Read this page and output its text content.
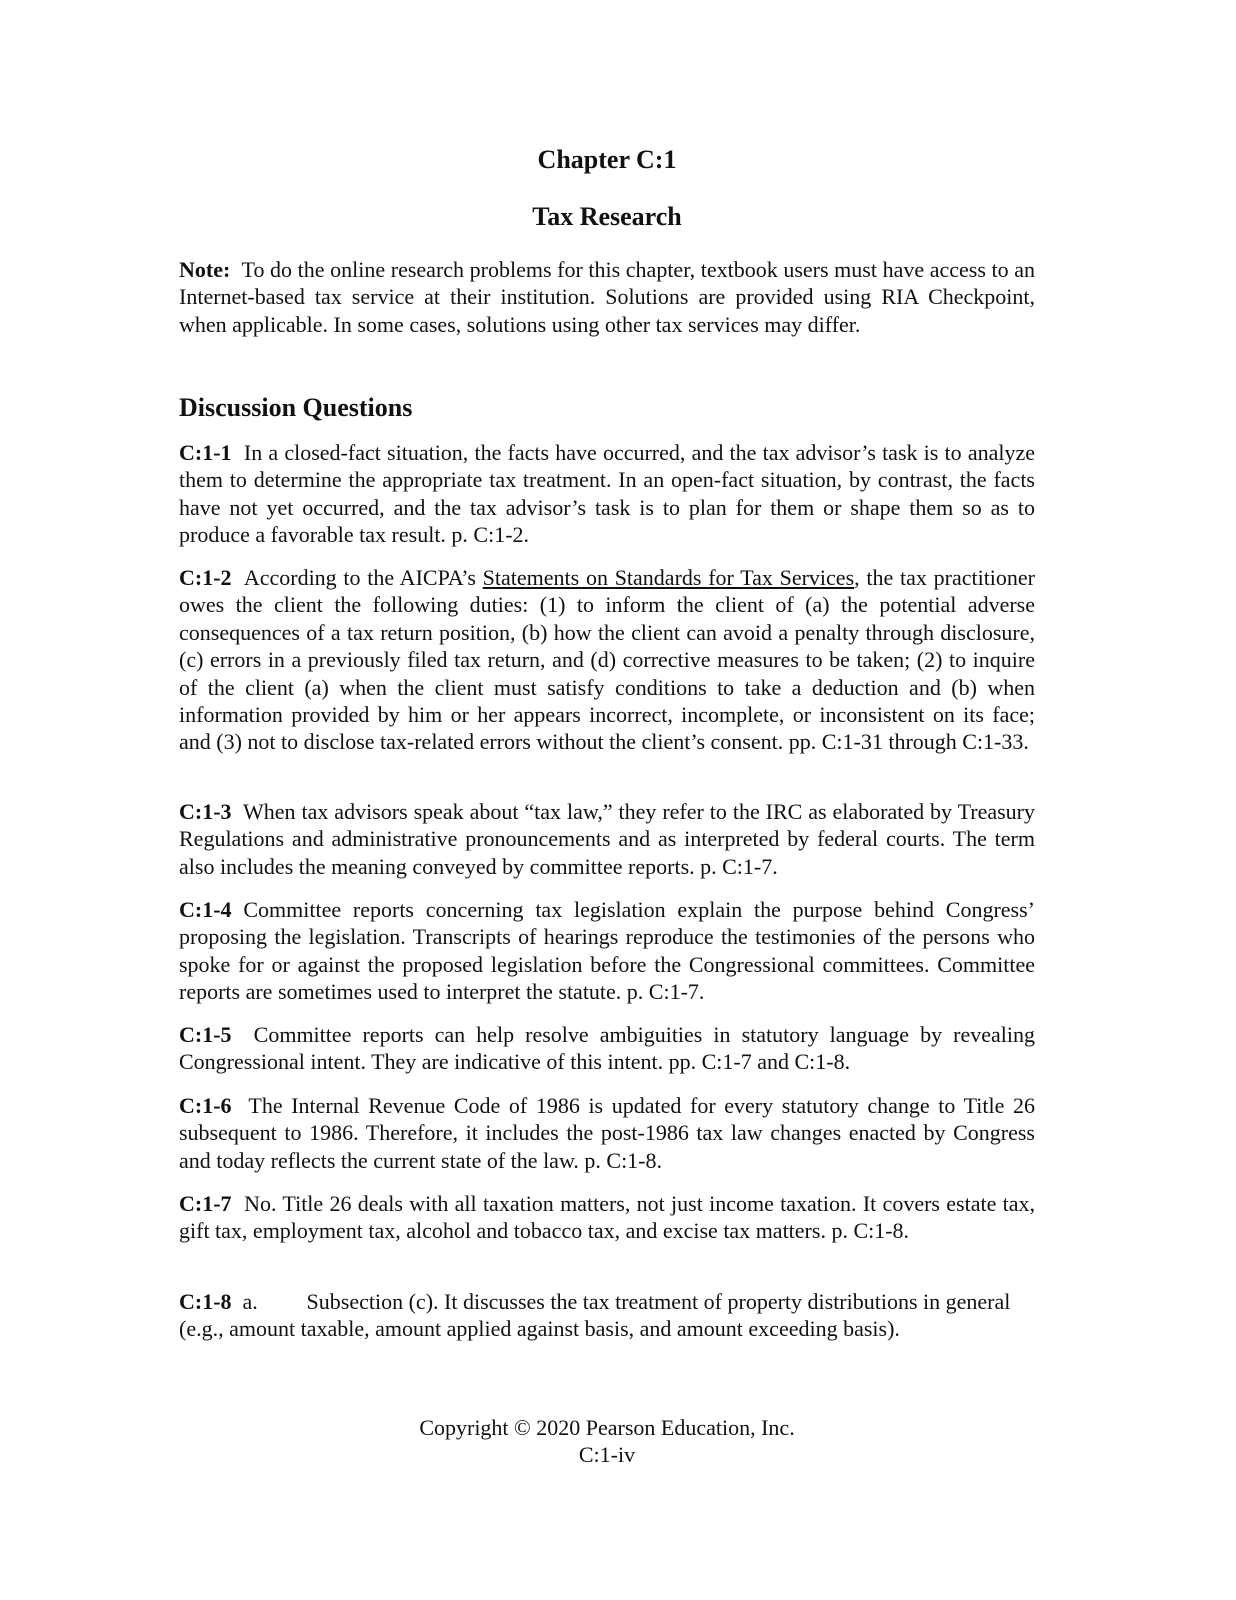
Chapter C:1
Tax Research

Note: To do the online research problems for this chapter, textbook users must have access to an Internet-based tax service at their institution. Solutions are provided using RIA Checkpoint, when applicable. In some cases, solutions using other tax services may differ.

Discussion Questions

C:1-1 In a closed-fact situation, the facts have occurred, and the tax advisor’s task is to analyze them to determine the appropriate tax treatment. In an open-fact situation, by contrast, the facts have not yet occurred, and the tax advisor’s task is to plan for them or shape them so as to produce a favorable tax result. p. C:1-2.

C:1-2 According to the AICPA’s Statements on Standards for Tax Services, the tax practitioner owes the client the following duties: (1) to inform the client of (a) the potential adverse consequences of a tax return position, (b) how the client can avoid a penalty through disclosure, (c) errors in a previously filed tax return, and (d) corrective measures to be taken; (2) to inquire of the client (a) when the client must satisfy conditions to take a deduction and (b) when information provided by him or her appears incorrect, incomplete, or inconsistent on its face; and (3) not to disclose tax-related errors without the client’s consent. pp. C:1-31 through C:1-33.

C:1-3 When tax advisors speak about “tax law,” they refer to the IRC as elaborated by Treasury Regulations and administrative pronouncements and as interpreted by federal courts. The term also includes the meaning conveyed by committee reports. p. C:1-7.

C:1-4 Committee reports concerning tax legislation explain the purpose behind Congress’ proposing the legislation. Transcripts of hearings reproduce the testimonies of the persons who spoke for or against the proposed legislation before the Congressional committees. Committee reports are sometimes used to interpret the statute. p. C:1-7.

C:1-5 Committee reports can help resolve ambiguities in statutory language by revealing Congressional intent. They are indicative of this intent. pp. C:1-7 and C:1-8.

C:1-6 The Internal Revenue Code of 1986 is updated for every statutory change to Title 26 subsequent to 1986. Therefore, it includes the post-1986 tax law changes enacted by Congress and today reflects the current state of the law. p. C:1-8.

C:1-7 No. Title 26 deals with all taxation matters, not just income taxation. It covers estate tax, gift tax, employment tax, alcohol and tobacco tax, and excise tax matters. p. C:1-8.

C:1-8 a. Subsection (c). It discusses the tax treatment of property distributions in general
(e.g., amount taxable, amount applied against basis, and amount exceeding basis).

Copyright © 2020 Pearson Education, Inc.
C:1-iv
